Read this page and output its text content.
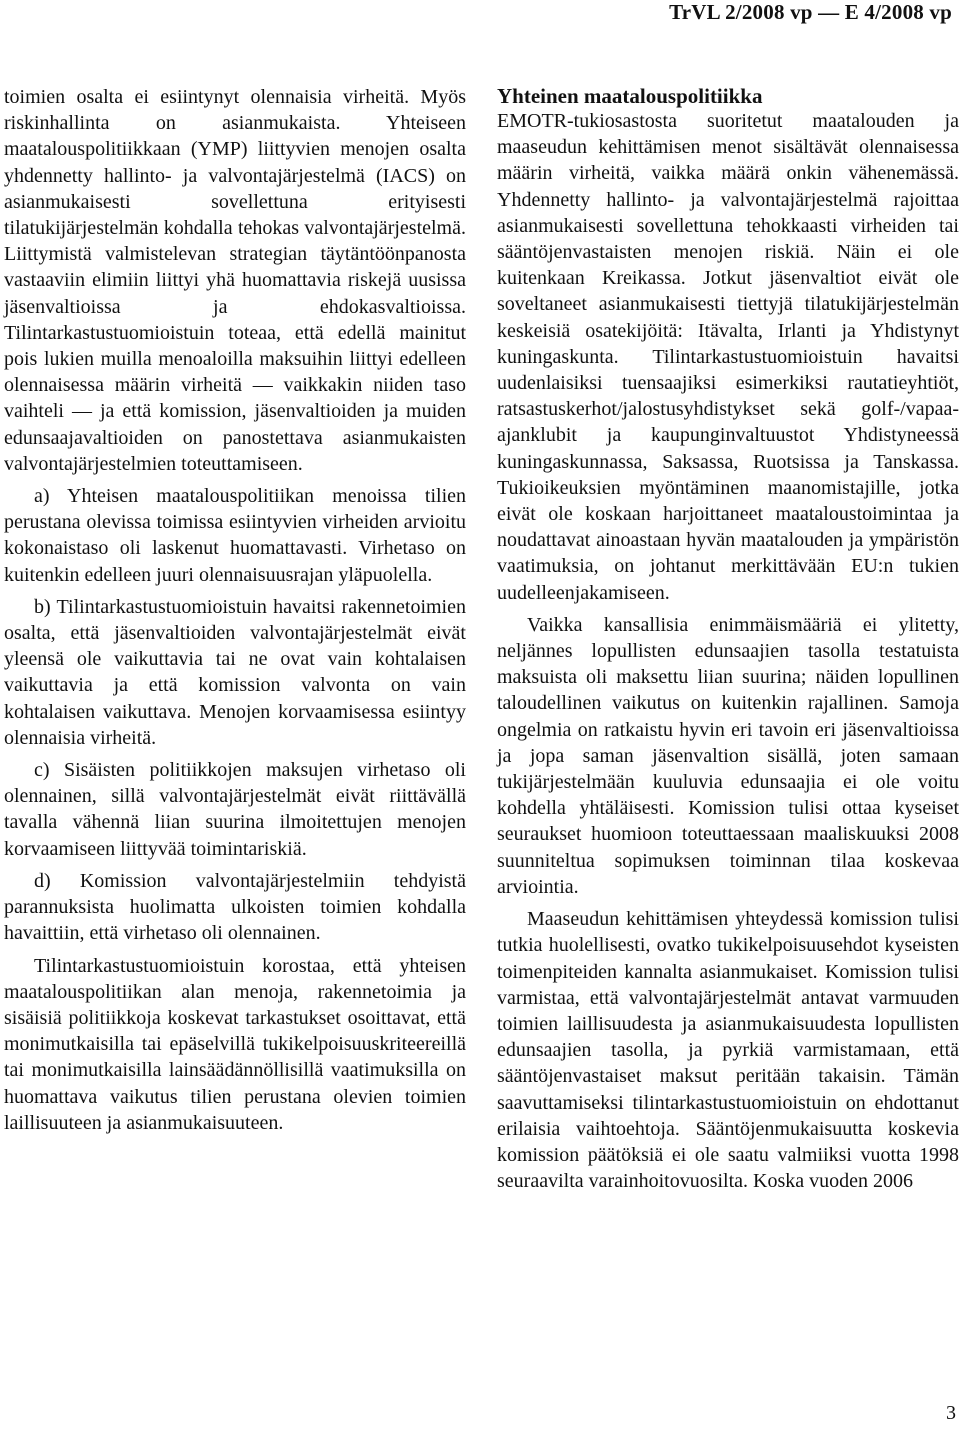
TrVL 2/2008 vp — E 4/2008 vp

toimien osalta ei esiintynyt olennaisia virheitä. Myös riskinhallinta on asianmukaista. Yhteiseen maatalouspolitiikkaan (YMP) liittyvien menojen osalta yhdennetty hallinto- ja valvontajärjestelmä (IACS) on asianmukaisesti sovellettuna erityisesti tilatukijärjestelmän kohdalla tehokas valvontajärjestelmä. Liittymistä valmistelevan strategian täytäntöönpanosta vastaaviin elimiin liittyi yhä huomattavia riskejä uusissa jäsenvaltioissa ja ehdokasvaltioissa. Tilintarkastustuomioistuin toteaa, että edellä mainitut pois lukien muilla menoaloilla maksuihin liittyi edelleen olennaisessa määrin virheitä — vaikkakin niiden taso vaihteli — ja että komission, jäsenvaltioiden ja muiden edunsaajavaltioiden on panostettava asianmukaisten valvontajärjestelmien toteuttamiseen.

a) Yhteisen maatalouspolitiikan menoissa tilien perustana olevissa toimissa esiintyvien virheiden arvioitu kokonaistaso oli laskenut huomattavasti. Virhetaso on kuitenkin edelleen juuri olennaisuusrajan yläpuolella.

b) Tilintarkastustuomioistuin havaitsi rakennetoimien osalta, että jäsenvaltioiden valvontajärjestelmät eivät yleensä ole vaikuttavia tai ne ovat vain kohtalaisen vaikuttavia ja että komission valvonta on vain kohtalaisen vaikuttava. Menojen korvaamisessa esiintyy olennaisia virheitä.

c) Sisäisten politiikkojen maksujen virhetaso oli olennainen, sillä valvontajärjestelmät eivät riittävällä tavalla vähennä liian suurina ilmoitettujen menojen korvaamiseen liittyvää toimintariskiä.

d) Komission valvontajärjestelmiin tehdyistä parannuksista huolimatta ulkoisten toimien kohdalla havaittiin, että virhetaso oli olennainen.

Tilintarkastustuomioistuin korostaa, että yhteisen maatalouspolitiikan alan menoja, rakennetoimia ja sisäisiä politiikkoja koskevat tarkastukset osoittavat, että monimutkaisilla tai epäselvillä tukikelpoisuuskriteereillä tai monimutkaisilla lainsäädännöllisillä vaatimuksilla on huomattava vaikutus tilien perustana olevien toimien laillisuuteen ja asianmukaisuuteen.

Yhteinen maatalouspolitiikka

EMOTR-tukiosastosta suoritetut maatalouden ja maaseudun kehittämisen menot sisältävät olennaisessa määrin virheitä, vaikka määrä onkin vähenemässä. Yhdennetty hallinto- ja valvontajärjestelmä rajoittaa asianmukaisesti sovellettuna tehokkaasti virheiden tai sääntöjenvastaisten menojen riskiä. Näin ei ole kuitenkaan Kreikassa. Jotkut jäsenvaltiot eivät ole soveltaneet asianmukaisesti tiettyjä tilatukijärjestelmän keskeisiä osatekijöitä: Itävalta, Irlanti ja Yhdistynyt kuningaskunta. Tilintarkastustuomioistuin havaitsi uudenlaisiksi tuensaajiksi esimerkiksi rautatieyhtiöt, ratsastuskerhot/jalostusyhdistykset sekä golf-/vapaa-ajanklubit ja kaupunginvaltuustot Yhdistyneessä kuningaskunnassa, Saksassa, Ruotsissa ja Tanskassa. Tukioikeuksien myöntäminen maanomistajille, jotka eivät ole koskaan harjoittaneet maataloustoimintaa ja noudattavat ainoastaan hyvän maatalouden ja ympäristön vaatimuksia, on johtanut merkittävään EU:n tukien uudelleenjakamiseen.

Vaikka kansallisia enimmäismääriä ei ylitetty, neljännes lopullisten edunsaajien tasolla testatuista maksuista oli maksettu liian suurina; näiden lopullinen taloudellinen vaikutus on kuitenkin rajallinen. Samoja ongelmia on ratkaistu hyvin eri tavoin eri jäsenvaltioissa ja jopa saman jäsenvaltion sisällä, joten samaan tukijärjestelmään kuuluvia edunsaajia ei ole voitu kohdella yhtäläisesti. Komission tulisi ottaa kyseiset seuraukset huomioon toteuttaessaan maaliskuuksi 2008 suunniteltua sopimuksen toiminnan tilaa koskevaa arviointia.

Maaseudun kehittämisen yhteydessä komission tulisi tutkia huolellisesti, ovatko tukikelpoisuusehdot kyseisten toimenpiteiden kannalta asianmukaiset. Komission tulisi varmistaa, että valvontajärjestelmät antavat varmuuden toimien laillisuudesta ja asianmukaisuudesta lopullisten edunsaajien tasolla, ja pyrkiä varmistamaan, että sääntöjenvastaiset maksut peritään takaisin. Tämän saavuttamiseksi tilintarkastustuomioistuin on ehdottanut erilaisia vaihtoehtoja. Sääntöjenmukaisuutta koskevia komission päätöksiä ei ole saatu valmiiksi vuotta 1998 seuraavilta varainhoitovuosilta. Koska vuoden 2006

3
